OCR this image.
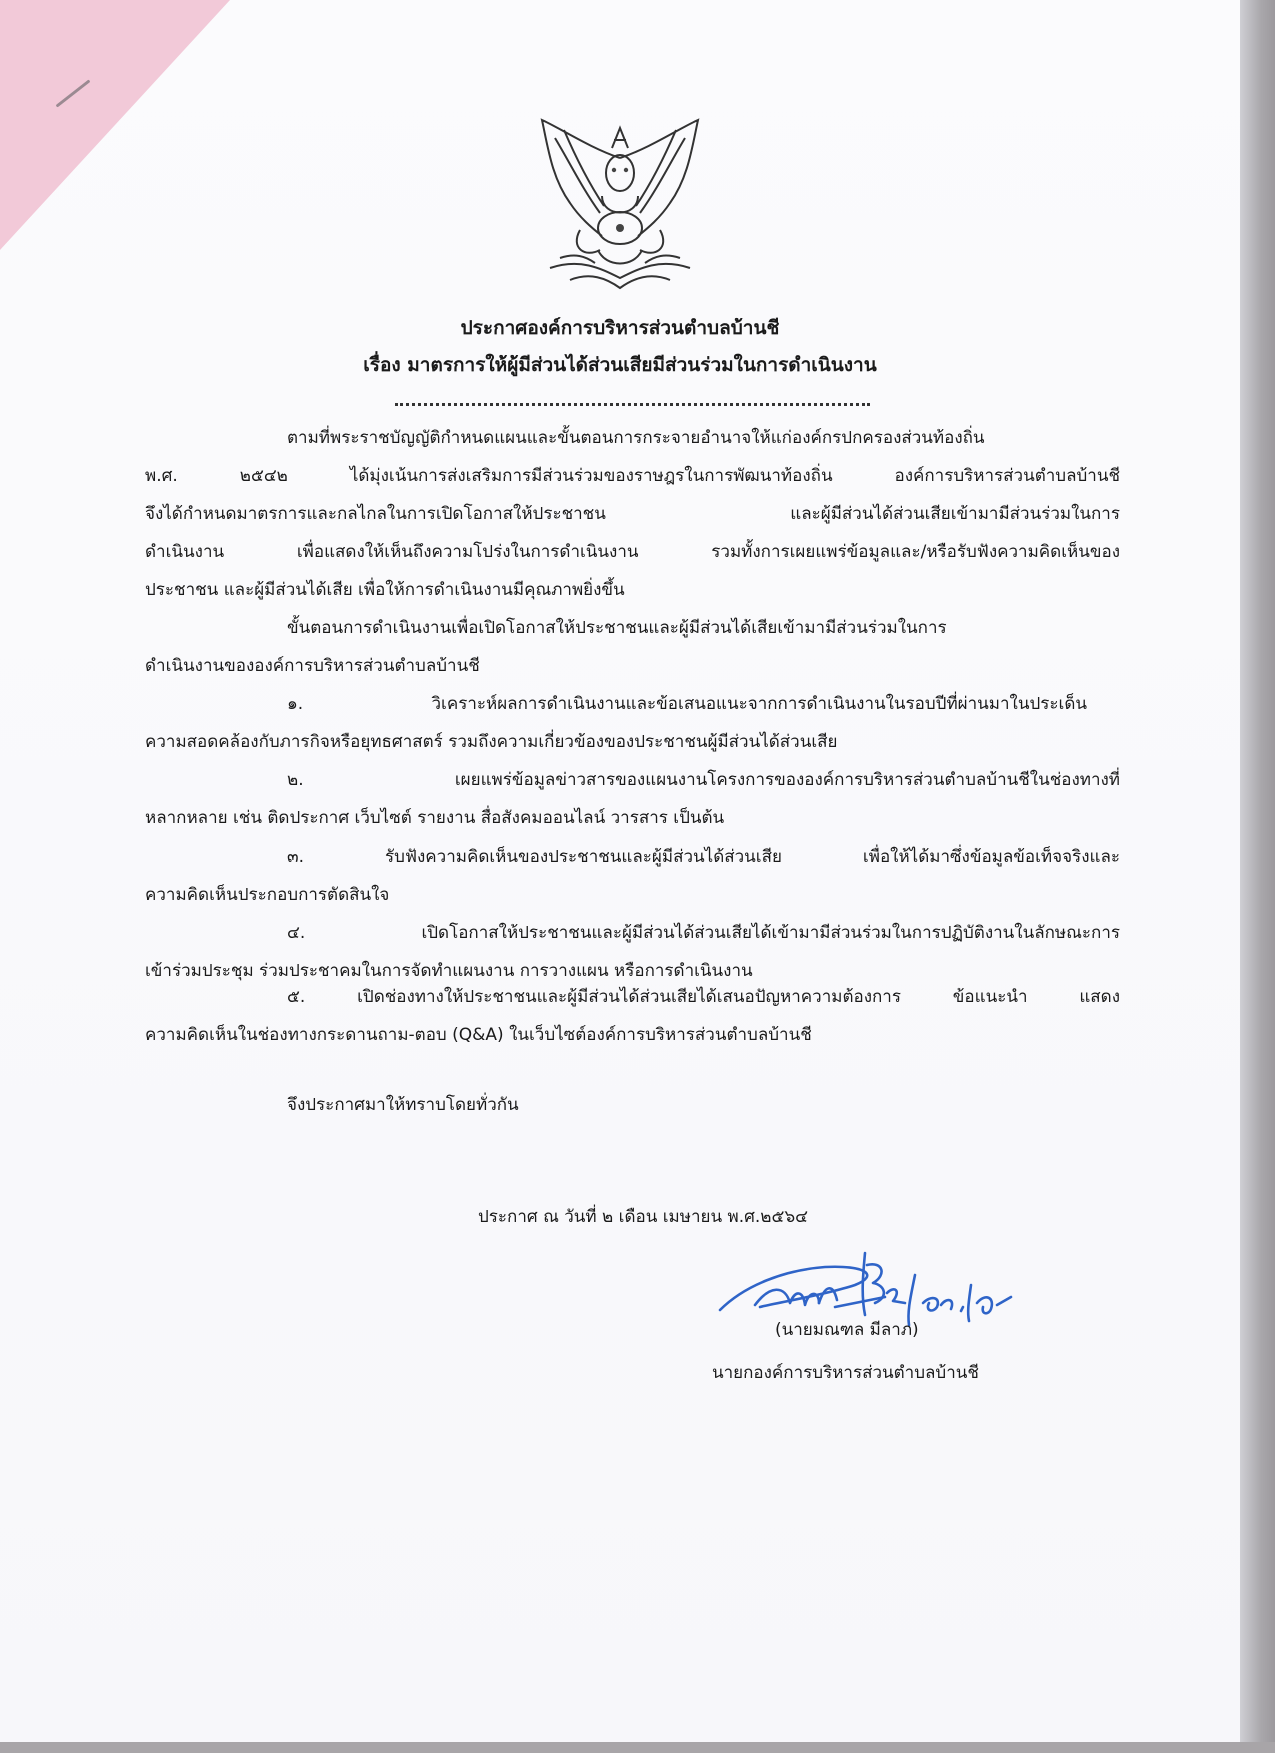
ประกาศองค์การบริหารส่วนตำบลบ้านชี
เรื่อง มาตรการให้ผู้มีส่วนได้ส่วนเสียมีส่วนร่วมในการดำเนินงาน
ตามที่พระราชบัญญัติกำหนดแผนและขั้นตอนการกระจายอำนาจให้แก่องค์กรปกครองส่วนท้องถิ่น
พ.ศ. ๒๕๔๒ ได้มุ่งเน้นการส่งเสริมการมีส่วนร่วมของราษฎรในการพัฒนาท้องถิ่น องค์การบริหารส่วนตำบลบ้านชี
จึงได้กำหนดมาตรการและกลไกลในการเปิดโอกาสให้ประชาชน และผู้มีส่วนได้ส่วนเสียเข้ามามีส่วนร่วมในการ
ดำเนินงาน เพื่อแสดงให้เห็นถึงความโปร่งในการดำเนินงาน รวมทั้งการเผยแพร่ข้อมูลและ/หรือรับฟังความคิดเห็นของ
ประชาชน และผู้มีส่วนได้เสีย เพื่อให้การดำเนินงานมีคุณภาพยิ่งขึ้น
ขั้นตอนการดำเนินงานเพื่อเปิดโอกาสให้ประชาชนและผู้มีส่วนได้เสียเข้ามามีส่วนร่วมในการ
ดำเนินงานขององค์การบริหารส่วนตำบลบ้านชี
๑. วิเคราะห์ผลการดำเนินงานและข้อเสนอแนะจากการดำเนินงานในรอบปีที่ผ่านมาในประเด็น
ความสอดคล้องกับภารกิจหรือยุทธศาสตร์ รวมถึงความเกี่ยวข้องของประชาชนผู้มีส่วนได้ส่วนเสีย
๒. เผยแพร่ข้อมูลข่าวสารของแผนงานโครงการขององค์การบริหารส่วนตำบลบ้านชีในช่องทางที่
หลากหลาย เช่น ติดประกาศ เว็บไซต์ รายงาน สื่อสังคมออนไลน์ วารสาร เป็นต้น
๓. รับฟังความคิดเห็นของประชาชนและผู้มีส่วนได้ส่วนเสีย เพื่อให้ได้มาซึ่งข้อมูลข้อเท็จจริงและ
ความคิดเห็นประกอบการตัดสินใจ
๔. เปิดโอกาสให้ประชาชนและผู้มีส่วนได้ส่วนเสียได้เข้ามามีส่วนร่วมในการปฏิบัติงานในลักษณะการ
เข้าร่วมประชุม ร่วมประชาคมในการจัดทำแผนงาน การวางแผน หรือการดำเนินงาน
๕. เปิดช่องทางให้ประชาชนและผู้มีส่วนได้ส่วนเสียได้เสนอปัญหาความต้องการ ข้อแนะนำ แสดง
ความคิดเห็นในช่องทางกระดานถาม-ตอบ (Q&A) ในเว็บไซต์องค์การบริหารส่วนตำบลบ้านชี
จึงประกาศมาให้ทราบโดยทั่วกัน
ประกาศ ณ วันที่ ๒ เดือน เมษายน พ.ศ.๒๕๖๔
(นายมณฑล มีลาภ)
นายกองค์การบริหารส่วนตำบลบ้านชี
